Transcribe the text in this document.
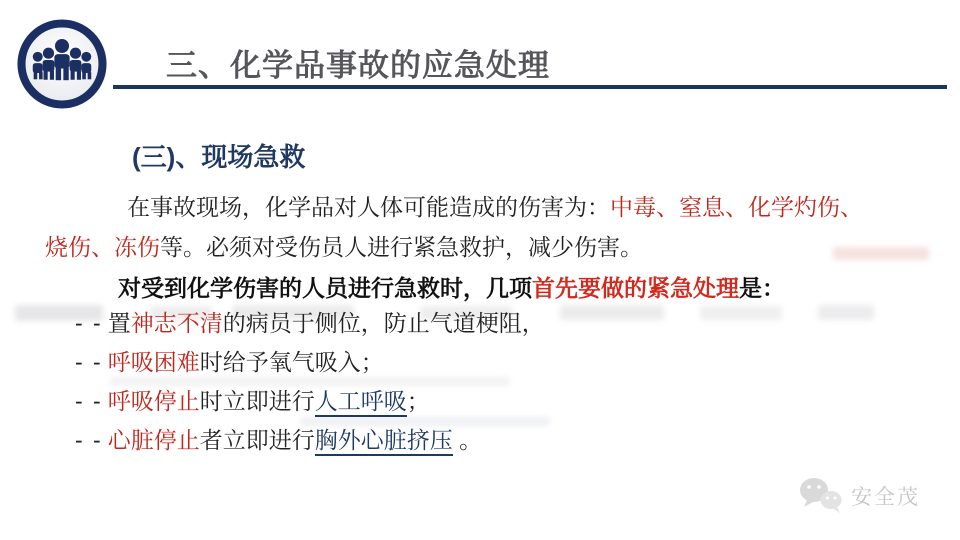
三、化学品事故的应急处理
(三)、现场急救
在事故现场，化学品对人体可能造成的伤害为：中毒、窒息、化学灼伤、
烧伤、冻伤等。必须对受伤员人进行紧急救护，减少伤害。
对受到化学伤害的人员进行急救时，几项首先要做的紧急处理是：
- - 置神志不清的病员于侧位，防止气道梗阻，
- - 呼吸困难时给予氧气吸入；
- - 呼吸停止时立即进行人工呼吸；
- - 心脏停止者立即进行胸外心脏挤压 。
安全茂
